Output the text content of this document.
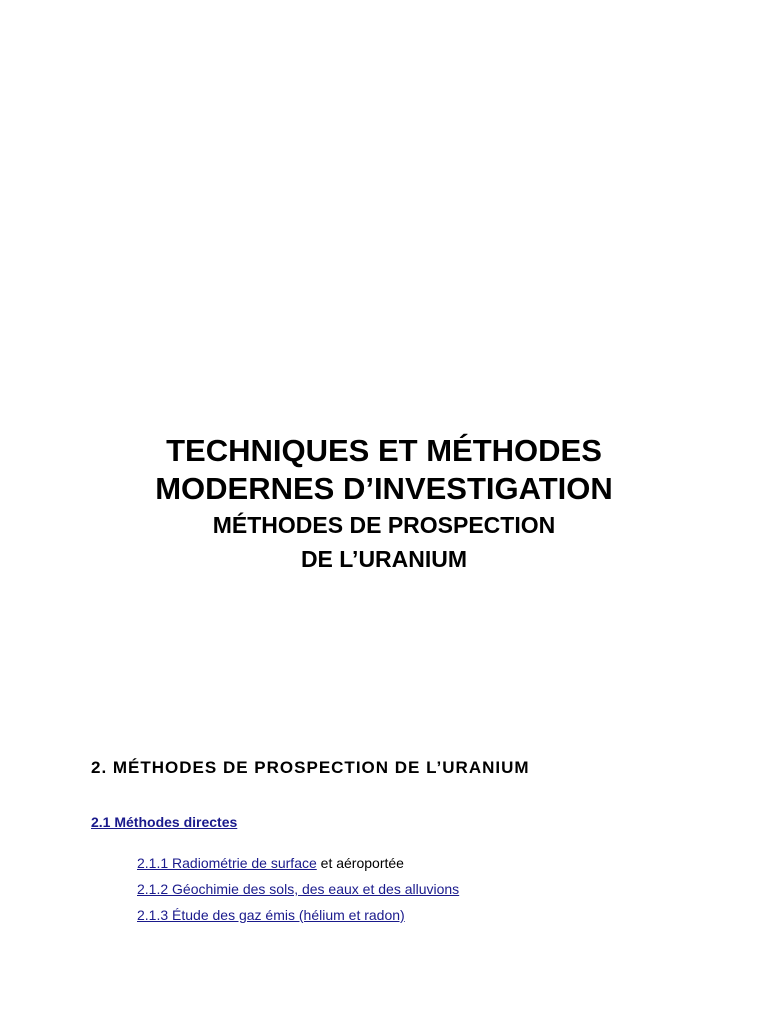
TECHNIQUES ET MÉTHODES

MODERNES D’INVESTIGATION

MÉTHODES DE PROSPECTION

DE L’URANIUM

2. MÉTHODES DE PROSPECTION DE L’URANIUM
2.1 Méthodes directes
2.1.1 Radiométrie de surface et aéroportée
2.1.2 Géochimie des sols, des eaux et des alluvions
2.1.3 Étude des gaz émis (hélium et radon)
